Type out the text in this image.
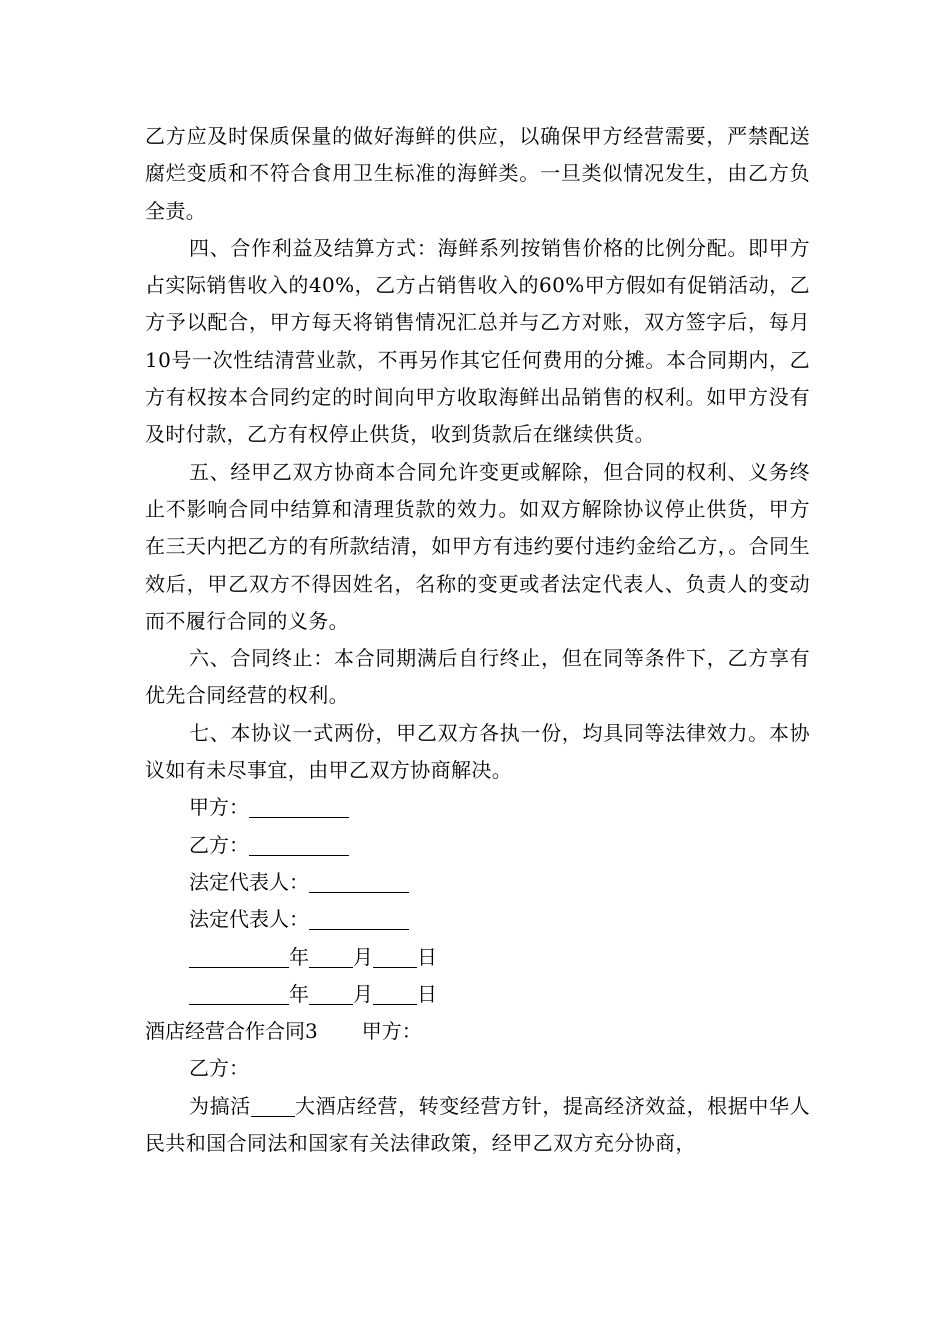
乙方应及时保质保量的做好海鲜的供应，以确保甲方经营需要，严禁配送腐烂变质和不符合食用卫生标准的海鲜类。一旦类似情况发生，由乙方负全责。

四、合作利益及结算方式：海鲜系列按销售价格的比例分配。即甲方占实际销售收入的40%，乙方占销售收入的60%甲方假如有促销活动，乙方予以配合，甲方每天将销售情况汇总并与乙方对账，双方签字后，每月10号一次性结清营业款，不再另作其它任何费用的分摊。本合同期内，乙方有权按本合同约定的时间向甲方收取海鲜出品销售的权利。如甲方没有及时付款，乙方有权停止供货，收到货款后在继续供货。

五、经甲乙双方协商本合同允许变更或解除，但合同的权利、义务终止不影响合同中结算和清理货款的效力。如双方解除协议停止供货，甲方在三天内把乙方的有所款结清，如甲方有违约要付违约金给乙方，。合同生效后，甲乙双方不得因姓名，名称的变更或者法定代表人、负责人的变动而不履行合同的义务。

六、合同终止：本合同期满后自行终止，但在同等条件下，乙方享有优先合同经营的权利。

七、本协议一式两份，甲乙双方各执一份，均具同等法律效力。本协议如有未尽事宜，由甲乙双方协商解决。

甲方：

乙方：

法定代表人：

法定代表人：

年 月 日

年 月 日

酒店经营合作合同3 甲方：

乙方：

为搞活 大酒店经营，转变经营方针，提高经济效益，根据中华人民共和国合同法和国家有关法律政策，经甲乙双方充分协商，
